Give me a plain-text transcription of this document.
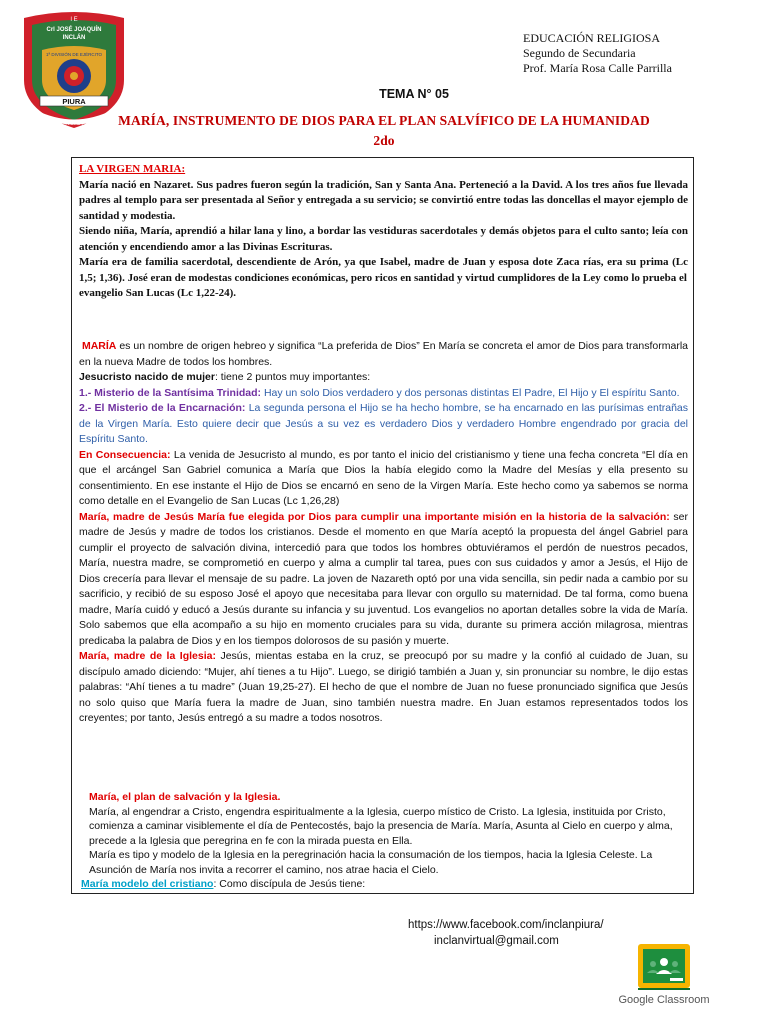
I E
Crl JOSÉ JOAQUÍN
INCLÁN
1ª DIVISIÓN DE EJÉRCITO
PIURA
PATRIA
EDUCACIÓN RELIGIOSA
Segundo de Secundaria
Prof. María Rosa Calle Parrilla
TEMA N° 05
MARÍA, INSTRUMENTO DE DIOS PARA EL PLAN SALVÍFICO DE LA HUMANIDAD
2do
LA VIRGEN MARIA:
María nació en Nazaret. Sus padres fueron según la tradición, San y Santa Ana. Perteneció a la David. A los tres años fue llevada padres al templo para ser presentada al Señor y entregada a su servicio; se convirtió entre todas las doncellas el mayor ejemplo de santidad y modestia.
Siendo niña, María, aprendió a hilar lana y lino, a bordar las vestiduras sacerdotales y demás objetos para el culto santo; leía con atención y encendiendo amor a las Divinas Escrituras.
María era de familia sacerdotal, descendiente de Arón, ya que Isabel, madre de Juan y esposa dote Zaca rías, era su prima (Lc 1,5; 1,36). José eran de modestas condiciones económicas, pero ricos en santidad y virtud cumplidores de la Ley como lo prueba el
evangelio San Lucas (Lc 1,22-24).
MARÍA es un nombre de origen hebreo y significa “La preferida de Dios” En María se concreta el amor de Dios para transformarla en la nueva Madre de todos los hombres.
Jesucristo nacido de mujer: tiene 2 puntos muy importantes:
1.- Misterio de la Santísima Trinidad: Hay un solo Dios verdadero y dos personas distintas El Padre, El Hijo y El espíritu Santo.
2.- El Misterio de la Encarnación: La segunda persona el Hijo se ha hecho hombre, se ha encarnado en las purísimas entrañas de la Virgen María. Esto quiere decir que Jesús a su vez es verdadero Dios y verdadero Hombre engendrado por gracia del Espíritu Santo.
En Consecuencia: La venida de Jesucristo al mundo, es por tanto el inicio del cristianismo y tiene una fecha concreta “El día en que el arcángel San Gabriel comunica a María que Dios la había elegido como la Madre del Mesías y ella presento su consentimiento. En ese instante el Hijo de Dios se encarnó en seno de la Virgen María. Este hecho como ya sabemos se norma como detalle en el Evangelio de San Lucas (Lc 1,26,28)
María, madre de Jesús María fue elegida por Dios para cumplir una importante misión en la historia de la salvación: ser madre de Jesús y madre de todos los cristianos. Desde el momento en que María aceptó la propuesta del ángel Gabriel para cumplir el proyecto de salvación divina, intercedió para que todos los hombres obtuviéramos el perdón de nuestros pecados, María, nuestra madre, se comprometió en cuerpo y alma a cumplir tal tarea, pues con sus cuidados y amor a Jesús, el Hijo de Dios crecería para llevar el mensaje de su padre. La joven de Nazareth optó por una vida sencilla, sin pedir nada a cambio por su sacrificio, y recibió de su esposo José el apoyo que necesitaba para llevar con orgullo su maternidad. De tal forma, como buena madre, María cuidó y educó a Jesús durante su infancia y su juventud. Los evangelios no aportan detalles sobre la vida de María. Solo sabemos que ella acompaño a su hijo en momento cruciales para su vida, durante su primera acción milagrosa, mientras predicaba la palabra de Dios y en los tiempos dolorosos de su pasión y muerte.
María, madre de la Iglesia: Jesús, mientas estaba en la cruz, se preocupó por su madre y la confió al cuidado de Juan, su discípulo amado diciendo: “Mujer, ahí tienes a tu Hijo”. Luego, se dirigió también a Juan y, sin pronunciar su nombre, le dijo estas palabras: “Ahí tienes a tu madre” (Juan 19,25-27). El hecho de que el nombre de Juan no fuese pronunciado significa que Jesús no solo quiso que María fuera la madre de Juan, sino también nuestra madre. En Juan estamos representados todos los creyentes; por tanto, Jesús entregó a su madre a todos nosotros.
María, el plan de salvación y la Iglesia.
María, al engendrar a Cristo, engendra espiritualmente a la Iglesia, cuerpo místico de Cristo. La Iglesia, instituida por Cristo, comienza a caminar visiblemente el día de Pentecostés, bajo la presencia de María. María, Asunta al Cielo en cuerpo y alma, precede a la Iglesia que peregrina en fe con la mirada puesta en Ella.
María es tipo y modelo de la Iglesia en la peregrinación hacia la consumación de los tiempos, hacia la Iglesia Celeste. La Asunción de María nos invita a recorrer el camino, nos atrae hacia el Cielo.
María modelo del cristiano: Como discípula de Jesús tiene:
https://www.facebook.com/inclanpiura/
inclanvirtual@gmail.com
Google Classroom
